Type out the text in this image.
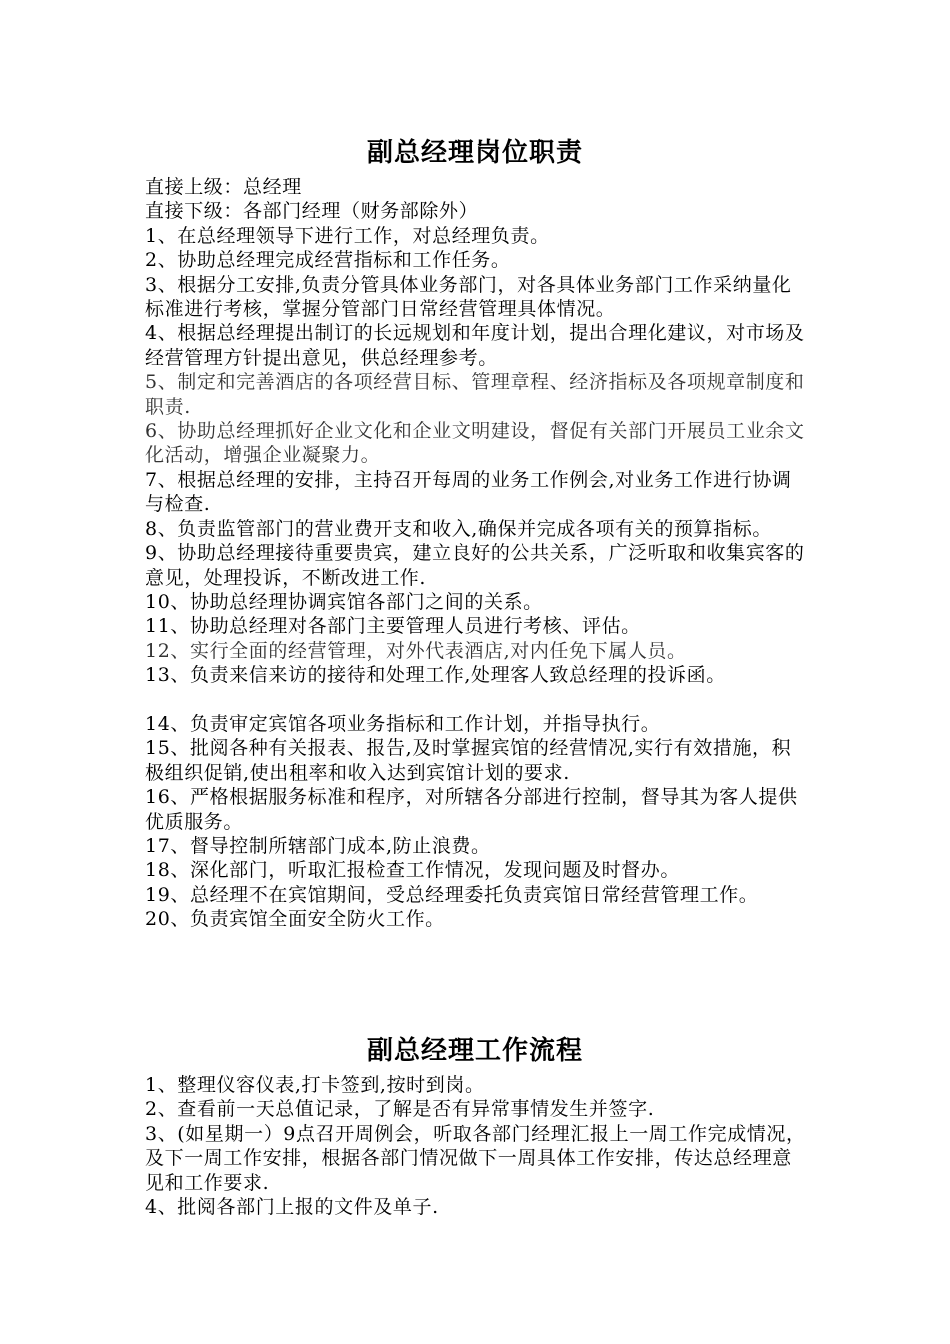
副总经理岗位职责

直接上级：总经理

直接下级：各部门经理（财务部除外）

1、在总经理领导下进行工作，对总经理负责。

2、协助总经理完成经营指标和工作任务。

3、根据分工安排,负责分管具体业务部门，对各具体业务部门工作采纳量化标准进行考核，掌握分管部门日常经营管理具体情况。

4、根据总经理提出制订的长远规划和年度计划，提出合理化建议，对市场及经营管理方针提出意见，供总经理参考。

5、制定和完善酒店的各项经营目标、管理章程、经济指标及各项规章制度和职责.

6、协助总经理抓好企业文化和企业文明建设，督促有关部门开展员工业余文化活动，增强企业凝聚力。

7、根据总经理的安排，主持召开每周的业务工作例会,对业务工作进行协调与检查.

8、负责监管部门的营业费开支和收入,确保并完成各项有关的预算指标。

9、协助总经理接待重要贵宾，建立良好的公共关系，广泛听取和收集宾客的意见，处理投诉，不断改进工作.

10、协助总经理协调宾馆各部门之间的关系。

11、协助总经理对各部门主要管理人员进行考核、评估。

12、实行全面的经营管理，对外代表酒店,对内任免下属人员。

13、负责来信来访的接待和处理工作,处理客人致总经理的投诉函。

14、负责审定宾馆各项业务指标和工作计划，并指导执行。

15、批阅各种有关报表、报告,及时掌握宾馆的经营情况,实行有效措施，积极组织促销,使出租率和收入达到宾馆计划的要求.

16、严格根据服务标准和程序，对所辖各分部进行控制，督导其为客人提供优质服务。

17、督导控制所辖部门成本,防止浪费。

18、深化部门，听取汇报检查工作情况，发现问题及时督办。

19、总经理不在宾馆期间，受总经理委托负责宾馆日常经营管理工作。

20、负责宾馆全面安全防火工作。

副总经理工作流程

1、整理仪容仪表,打卡签到,按时到岗。

2、查看前一天总值记录，了解是否有异常事情发生并签字.

3、(如星期一）9点召开周例会，听取各部门经理汇报上一周工作完成情况，及下一周工作安排，根据各部门情况做下一周具体工作安排，传达总经理意见和工作要求.

4、批阅各部门上报的文件及单子.
